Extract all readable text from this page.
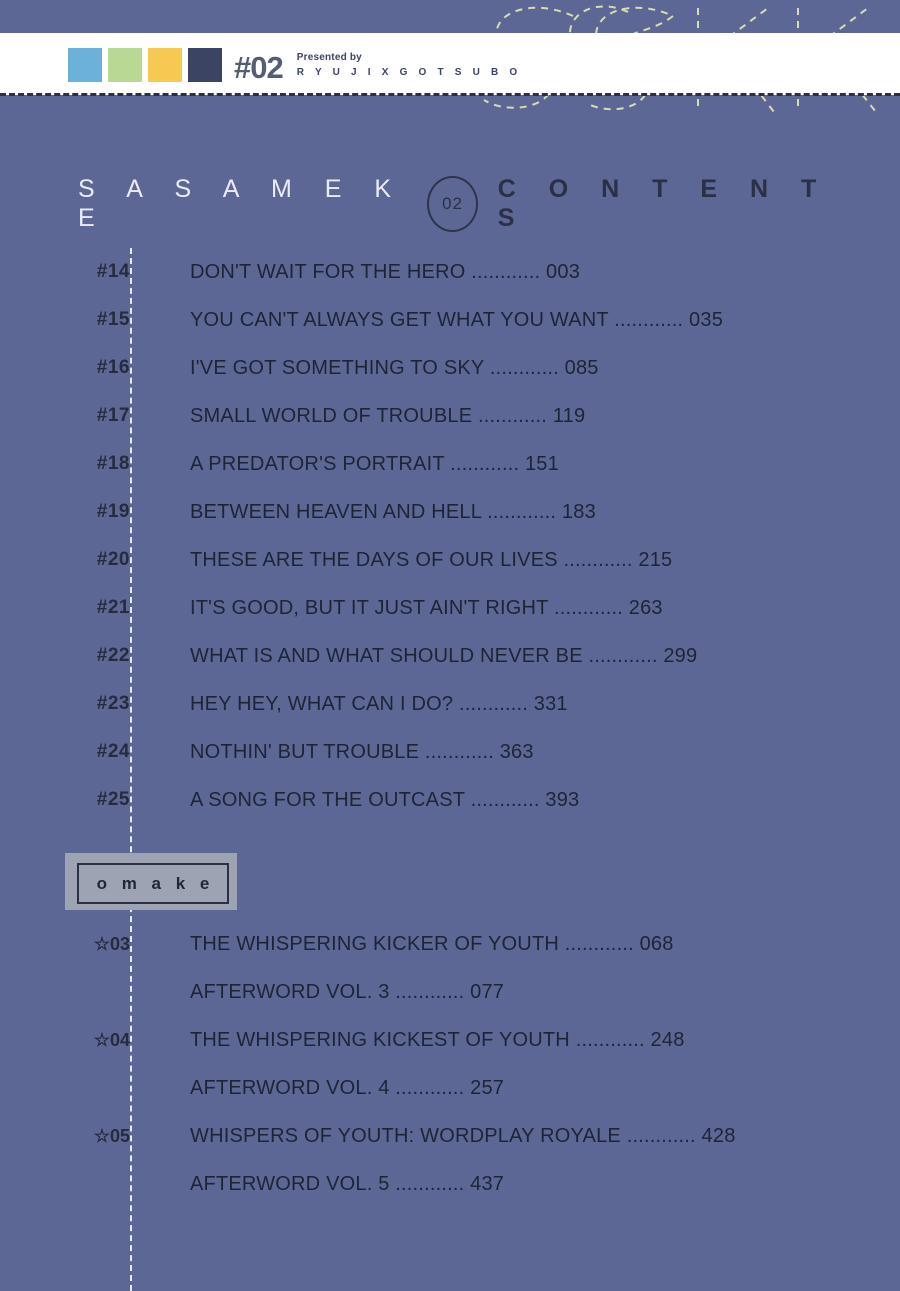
#02 Presented by
R Y U J I X G O T S U B O
S A S A M E K E
02
C O N T E N T S
#14	DON'T WAIT FOR THE HERO ............ 003
#15	YOU CAN'T ALWAYS GET WHAT YOU WANT ............ 035
#16	I'VE GOT SOMETHING TO SKY ............ 085
#17	SMALL WORLD OF TROUBLE ............ 119
#18	A PREDATOR'S PORTRAIT ............ 151
#19	BETWEEN HEAVEN AND HELL ............ 183
#20	THESE ARE THE DAYS OF OUR LIVES ............ 215
#21	IT'S GOOD, BUT IT JUST AIN'T RIGHT ............ 263
#22	WHAT IS AND WHAT SHOULD NEVER BE ............ 299
#23	HEY HEY, WHAT CAN I DO? ............ 331
#24	NOTHIN' BUT TROUBLE ............ 363
#25	A SONG FOR THE OUTCAST ............ 393
o m a k e
☆03	THE WHISPERING KICKER OF YOUTH ............ 068
AFTERWORD VOL. 3 ............ 077
☆04	THE WHISPERING KICKEST OF YOUTH ............ 248
AFTERWORD VOL. 4 ............ 257
☆05	WHISPERS OF YOUTH: WORDPLAY ROYALE ............ 428
AFTERWORD VOL. 5 ............ 437
